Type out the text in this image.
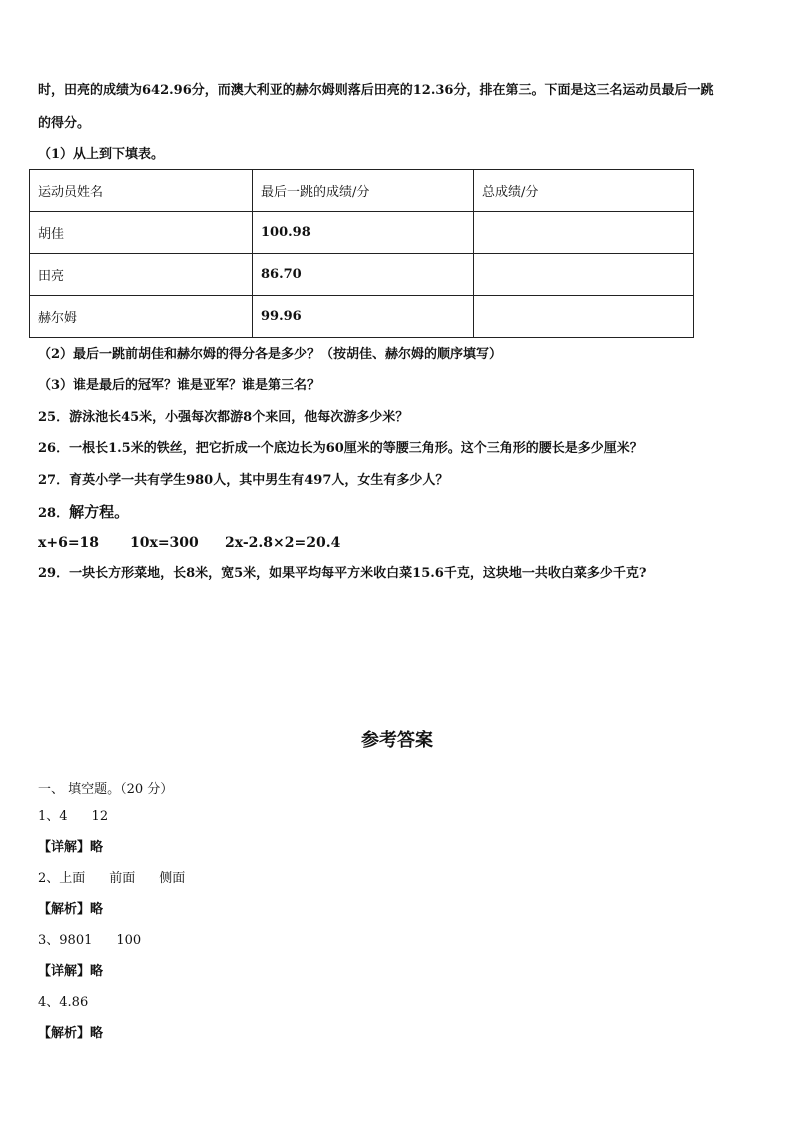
时，田亮的成绩为642.96分，而澳大利亚的赫尔姆则落后田亮的12.36分，排在第三。下面是这三名运动员最后一跳
的得分。
（1）从上到下填表。
运动员姓名	最后一跳的成绩/分	总成绩/分
胡佳	100.98	
田亮	86.70	
赫尔姆	99.96	
（2）最后一跳前胡佳和赫尔姆的得分各是多少？（按胡佳、赫尔姆的顺序填写）
（3）谁是最后的冠军？谁是亚军？谁是第三名？
25．游泳池长45米，小强每次都游8个来回，他每次游多少米？
26．一根长1.5米的铁丝，把它折成一个底边长为60厘米的等腰三角形。这个三角形的腰长是多少厘米？
27．育英小学一共有学生980人，其中男生有497人，女生有多少人？
28．解方程。
x+6=18 10x=300 2x-2.8×2=20.4
29．一块长方形菜地，长8米，宽5米，如果平均每平方米收白菜15.6千克，这块地一共收白菜多少千克?
参考答案
一、 填空题。（20 分）
1、4 12
【详解】略
2、上面 前面 侧面
【解析】略
3、9801 100
【详解】略
4、4.86
【解析】略
